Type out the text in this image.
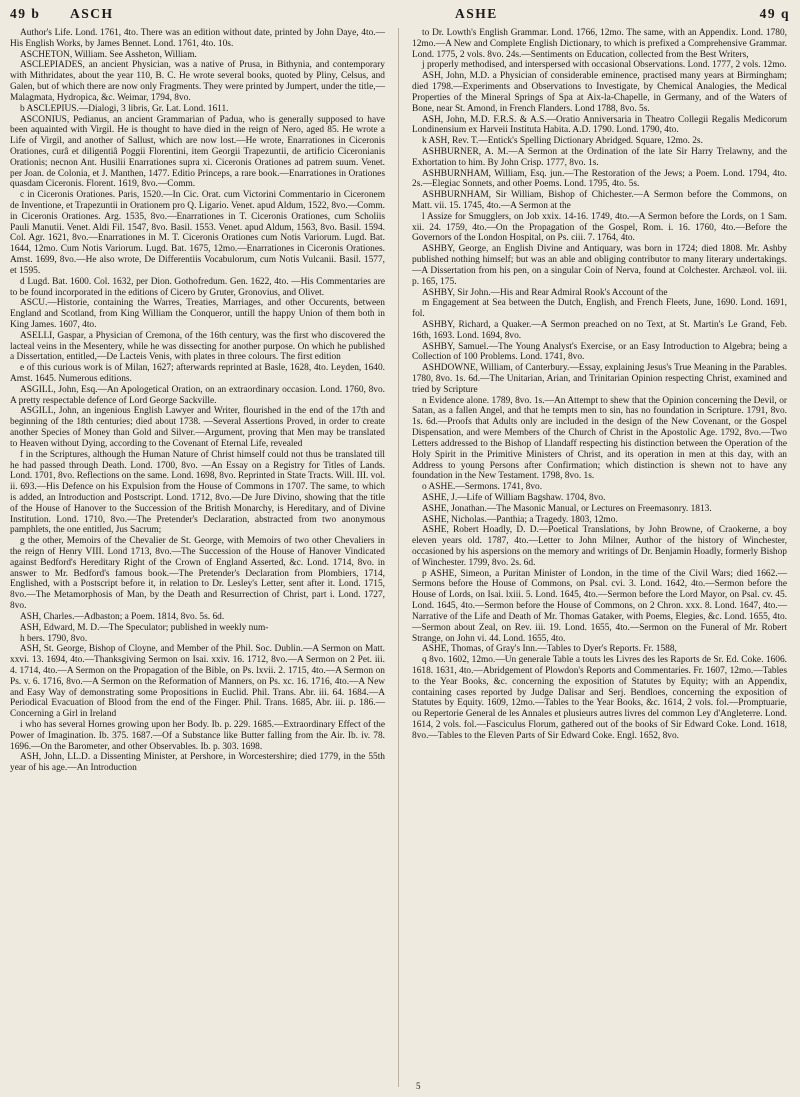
49 b ASCH	ASHE	49 q

Author's Life. Lond. 1761, 4to. There was an edition without date, printed by John Daye, 4to.—His English Works, by James Bennet. Lond. 1761, 4to. 10s.

ASCHETON, William. See Assheton, William.

ASCLEPIADES, an ancient Physician, was a native of Prusa, in Bithynia, and contemporary with Mithridates, about the year 110, B. C. He wrote several books, quoted by Pliny, Celsus, and Galen, but of which there are now only Fragments. They were printed by Jumpert, under the title,—Malagmata, Hydropica, &c. Weimar, 1794, 8vo.

b ASCLEPIUS.—Dialogi, 3 libris, Gr. Lat. Lond. 1611.

ASCONIUS, Pedianus, an ancient Grammarian of Padua, who is generally supposed to have been aquainted with Virgil. He is thought to have died in the reign of Nero, aged 85. He wrote a Life of Virgil, and another of Sallust, which are now lost.—He wrote, Enarrationes in Ciceronis Orationes, curâ et diligentiâ Poggii Florentini, item Georgii Trapezuntii, de artificio Ciceronianis Orationis; necnon Ant. Husilii Enarrationes supra xi. Ciceronis Orationes ad patrem suum. Venet. per Joan. de Colonia, et J. Manthen, 1477. Editio Princeps, a rare book.—Enarrationes in Orationes quasdam Ciceronis. Florent. 1619, 8vo.—Comm.

c in Ciceronis Orationes. Paris, 1520.—In Cic. Orat. cum Victorini Commentario in Ciceronem de Inventione, et Trapezuntii in Orationem pro Q. Ligario. Venet. apud Aldum, 1522, 8vo.—Comm. in Ciceronis Orationes. Arg. 1535, 8vo.—Enarrationes in T. Ciceronis Orationes, cum Scholiis Pauli Manutii. Venet. Aldi Fil. 1547, 8vo. Basil. 1553. Venet. apud Aldum, 1563, 8vo. Basil. 1594. Col. Agr. 1621, 8vo.—Enarrationes in M. T. Ciceronis Orationes cum Notis Variorum. Lugd. Bat. 1644, 12mo. Cum Notis Variorum. Lugd. Bat. 1675, 12mo.—Enarrationes in Ciceronis Orationes. Amst. 1699, 8vo.—He also wrote, De Differentiis Vocabulorum, cum Notis Vulcanii. Basil. 1577, et 1595.

d Lugd. Bat. 1600. Col. 1632, per Dion. Gothofredum. Gen. 1622, 4to. —His Commentaries are to be found incorporated in the editions of Cicero by Gruter, Gronovius, and Olivet.

ASCU.—Historie, containing the Warres, Treaties, Marriages, and other Occurents, between England and Scotland, from King William the Conqueror, untill the happy Union of them both in King James. 1607, 4to.

ASELLI, Gaspar, a Physician of Cremona, of the 16th century, was the first who discovered the lacteal veins in the Mesentery, while he was dissecting for another purpose. On which he published a Dissertation, entitled,—De Lacteis Venis, with plates in three colours. The first edition

e of this curious work is of Milan, 1627; afterwards reprinted at Basle, 1628, 4to. Leyden, 1640. Amst. 1645. Numerous editions.

ASGILL, John, Esq.—An Apologetical Oration, on an extraordinary occasion. Lond. 1760, 8vo. A pretty respectable defence of Lord George Sackville.

ASGILL, John, an ingenious English Lawyer and Writer, flourished in the end of the 17th and beginning of the 18th centuries; died about 1738. —Several Assertions Proved, in order to create another Species of Money than Gold and Silver.—Argument, proving that Men may be translated to Heaven without Dying, according to the Covenant of Eternal Life, revealed

f in the Scriptures, although the Human Nature of Christ himself could not thus be translated till he had passed through Death. Lond. 1700, 8vo. —An Essay on a Registry for Titles of Lands. Lond. 1701, 8vo. Reflections on the same. Lond. 1698, 8vo. Reprinted in State Tracts. Will. III. vol. ii. 693.—His Defence on his Expulsion from the House of Commons in 1707. The same, to which is added, an Introduction and Postscript. Lond. 1712, 8vo.—De Jure Divino, showing that the title of the House of Hanover to the Succession of the British Monarchy, is Hereditary, and of Divine Institution. Lond. 1710, 8vo.—The Pretender's Declaration, abstracted from two anonymous pamphlets, the one entitled, Jus Sacrum;

g the other, Memoirs of the Chevalier de St. George, with Memoirs of two other Chevaliers in the reign of Henry VIII. Lond 1713, 8vo.—The Succession of the House of Hanover Vindicated against Bedford's Hereditary Right of the Crown of England Asserted, &c. Lond. 1714, 8vo. in answer to Mr. Bedford's famous book.—The Pretender's Declaration from Plombiers, 1714, Englished, with a Postscript before it, in relation to Dr. Lesley's Letter, sent after it. Lond. 1715, 8vo.—The Metamorphosis of Man, by the Death and Resurrection of Christ, part i. Lond. 1727, 8vo.

ASH, Charles.—Adbaston; a Poem. 1814, 8vo. 5s. 6d.

ASH, Edward, M. D.—The Speculator; published in weekly num-

h bers. 1790, 8vo.

ASH, St. George, Bishop of Cloyne, and Member of the Phil. Soc. Dublin.—A Sermon on Matt. xxvi. 13. 1694, 4to.—Thanksgiving Sermon on Isai. xxiv. 16. 1712, 8vo.—A Sermon on 2 Pet. iii. 4. 1714, 4to.—A Sermon on the Propagation of the Bible, on Ps. lxvii. 2. 1715, 4to.—A Sermon on Ps. v. 6. 1716, 8vo.—A Sermon on the Reformation of Manners, on Ps. xc. 16. 1716, 4to.—A New and Easy Way of demonstrating some Propositions in Euclid. Phil. Trans. Abr. iii. 64. 1684.—A Periodical Evacuation of Blood from the end of the Finger. Phil. Trans. 1685, Abr. iii. p. 186.—Concerning a Girl in Ireland

i who has several Hornes growing upon her Body. Ib. p. 229. 1685.—Extraordinary Effect of the Power of Imagination. Ib. 375. 1687.—Of a Substance like Butter falling from the Air. Ib. iv. 78. 1696.—On the Barometer, and other Observables. Ib. p. 303. 1698.

ASH, John, LL.D. a Dissenting Minister, at Pershore, in Worcestershire; died 1779, in the 55th year of his age.—An Introduction

to Dr. Lowth's English Grammar. Lond. 1766, 12mo. The same, with an Appendix. Lond. 1780, 12mo.—A New and Complete English Dictionary, to which is prefixed a Comprehensive Grammar. Lond. 1775, 2 vols. 8vo. 24s.—Sentiments on Education, collected from the Best Writers,

j properly methodised, and interspersed with occasional Observations. Lond. 1777, 2 vols. 12mo.

ASH, John, M.D. a Physician of considerable eminence, practised many years at Birmingham; died 1798.—Experiments and Observations to Investigate, by Chemical Analogies, the Medical Properties of the Mineral Springs of Spa at Aix-la-Chapelle, in Germany, and of the Waters of Bone, near St. Amond, in French Flanders. Lond 1788, 8vo. 5s.

ASH, John, M.D. F.R.S. & A.S.—Oratio Anniversaria in Theatro Collegii Regalis Medicorum Londinensium ex Harveii Instituta Habita. A.D. 1790. Lond. 1790, 4to.

k ASH, Rev. T.—Entick's Spelling Dictionary Abridged. Square, 12mo. 2s.

ASHBURNER, A. M.—A Sermon at the Ordination of the late Sir Harry Trelawny, and the Exhortation to him. By John Crisp. 1777, 8vo. 1s.

ASHBURNHAM, William, Esq. jun.—The Restoration of the Jews; a Poem. Lond. 1794, 4to. 2s.—Elegiac Sonnets, and other Poems. Lond. 1795, 4to. 5s.

ASHBURNHAM, Sir William, Bishop of Chichester.—A Sermon before the Commons, on Matt. vii. 15. 1745, 4to.—A Sermon at the

l Assize for Smugglers, on Job xxix. 14-16. 1749, 4to.—A Sermon before the Lords, on 1 Sam. xii. 24. 1759, 4to.—On the Propagation of the Gospel, Rom. i. 16. 1760, 4to.—Before the Governors of the London Hospital, on Ps. ciii. 7. 1764, 4to.

ASHBY, George, an English Divine and Antiquary, was born in 1724; died 1808. Mr. Ashby published nothing himself; but was an able and obliging contributor to many literary undertakings.—A Dissertation from his pen, on a singular Coin of Nerva, found at Colchester. Archæol. vol. iii. p. 165, 175.

ASHBY, Sir John.—His and Rear Admiral Rook's Account of the

m Engagement at Sea between the Dutch, English, and French Fleets, June, 1690. Lond. 1691, fol.

ASHBY, Richard, a Quaker.—A Sermon preached on no Text, at St. Martin's Le Grand, Feb. 16th, 1693. Lond. 1694, 8vo.

ASHBY, Samuel.—The Young Analyst's Exercise, or an Easy Introduction to Algebra; being a Collection of 100 Problems. Lond. 1741, 8vo.

ASHDOWNE, William, of Canterbury.—Essay, explaining Jesus's True Meaning in the Parables. 1780, 8vo. 1s. 6d.—The Unitarian, Arian, and Trinitarian Opinion respecting Christ, examined and tried by Scripture

n Evidence alone. 1789, 8vo. 1s.—An Attempt to shew that the Opinion concerning the Devil, or Satan, as a fallen Angel, and that he tempts men to sin, has no foundation in Scripture. 1791, 8vo. 1s. 6d.—Proofs that Adults only are included in the design of the New Covenant, or the Gospel Dispensation, and were Members of the Church of Christ in the Apostolic Age. 1792, 8vo.—Two Letters addressed to the Bishop of Llandaff respecting his distinction between the Operation of the Holy Spirit in the Primitive Ministers of Christ, and its operation in men at this day, with an Address to young Persons after Confirmation; which distinction is shewn not to have any foundation in the New Testament. 1798, 8vo. 1s.

o ASHE.—Sermons. 1741, 8vo.

ASHE, J.—Life of William Bagshaw. 1704, 8vo.

ASHE, Jonathan.—The Masonic Manual, or Lectures on Freemasonry. 1813.

ASHE, Nicholas.—Panthia; a Tragedy. 1803, 12mo.

ASHE, Robert Hoadly, D. D.—Poetical Translations, by John Browne, of Craokerne, a boy eleven years old. 1787, 4to.—Letter to John Milner, Author of the history of Winchester, occasioned by his aspersions on the memory and writings of Dr. Benjamin Hoadly, formerly Bishop of Winchester. 1799, 8vo. 2s. 6d.

p ASHE, Simeon, a Puritan Minister of London, in the time of the Civil Wars; died 1662.—Sermons before the House of Commons, on Psal. cvi. 3. Lond. 1642, 4to.—Sermon before the House of Lords, on Isai. lxiii. 5. Lond. 1645, 4to.—Sermon before the Lord Mayor, on Psal. cv. 45. Lond. 1645, 4to.—Sermon before the House of Commons, on 2 Chron. xxx. 8. Lond. 1647, 4to.—Narrative of the Life and Death of Mr. Thomas Gataker, with Poems, Elegies, &c. Lond. 1655, 4to.—Sermon about Zeal, on Rev. iii. 19. Lond. 1655, 4to.—Sermon on the Funeral of Mr. Robert Strange, on John vi. 44. Lond. 1655, 4to.

ASHE, Thomas, of Gray's Inn.—Tables to Dyer's Reports. Fr. 1588,

q 8vo. 1602, 12mo.—Un generale Table a touts les Livres des les Raports de Sr. Ed. Coke. 1606. 1618. 1631, 4to.—Abridgement of Plowdon's Reports and Commentaries. Fr. 1607, 12mo.—Tables to the Year Books, &c. concerning the exposition of Statutes by Equity; with an Appendix, containing cases reported by Judge Dalisar and Serj. Bendloes, concerning the exposition of Statutes by Equity. 1609, 12mo.—Tables to the Year Books, &c. 1614, 2 vols. fol.—Promptuarie, ou Repertorie General de les Annales et plusieurs autres livres del common Ley d'Angleterre. Lond. 1614, 2 vols. fol.—Fasciculus Florum, gathered out of the books of Sir Edward Coke. Lond. 1618, 8vo.—Tables to the Eleven Parts of Sir Edward Coke. Engl. 1652, 8vo.

5
